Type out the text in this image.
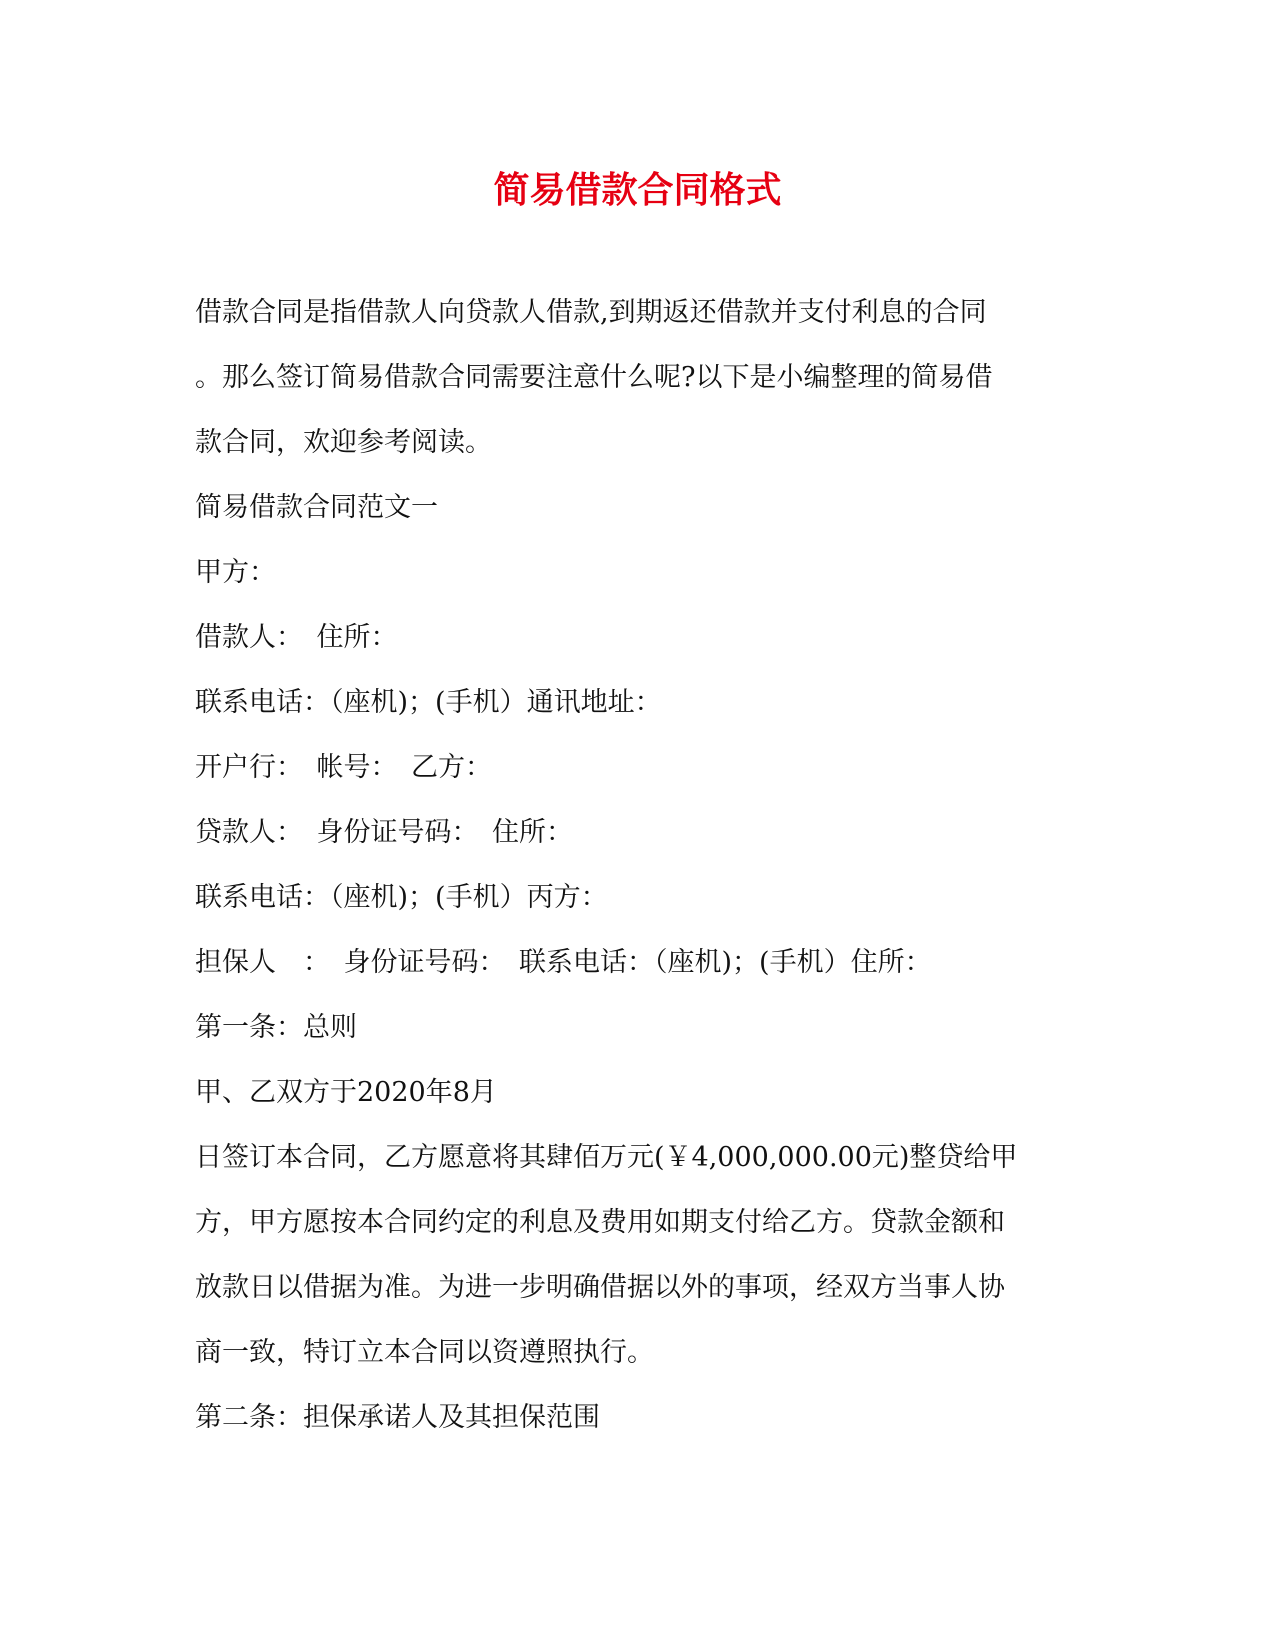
简易借款合同格式
借款合同是指借款人向贷款人借款,到期返还借款并支付利息的合同
。那么签订简易借款合同需要注意什么呢?以下是小编整理的简易借
款合同，欢迎参考阅读。
简易借款合同范文一
甲方：
借款人：　住所：
联系电话：（座机)；(手机）通讯地址：
开户行：　帐号：　乙方：
贷款人：　身份证号码：　住所：
联系电话：（座机)；(手机）丙方：
担保人　：　身份证号码：　联系电话：（座机)；(手机）住所：
第一条：总则
甲、乙双方于2020年8月
日签订本合同，乙方愿意将其肆佰万元(￥4,000,000.00元)整贷给甲
方，甲方愿按本合同约定的利息及费用如期支付给乙方。贷款金额和
放款日以借据为准。为进一步明确借据以外的事项，经双方当事人协
商一致，特订立本合同以资遵照执行。
第二条：担保承诺人及其担保范围
